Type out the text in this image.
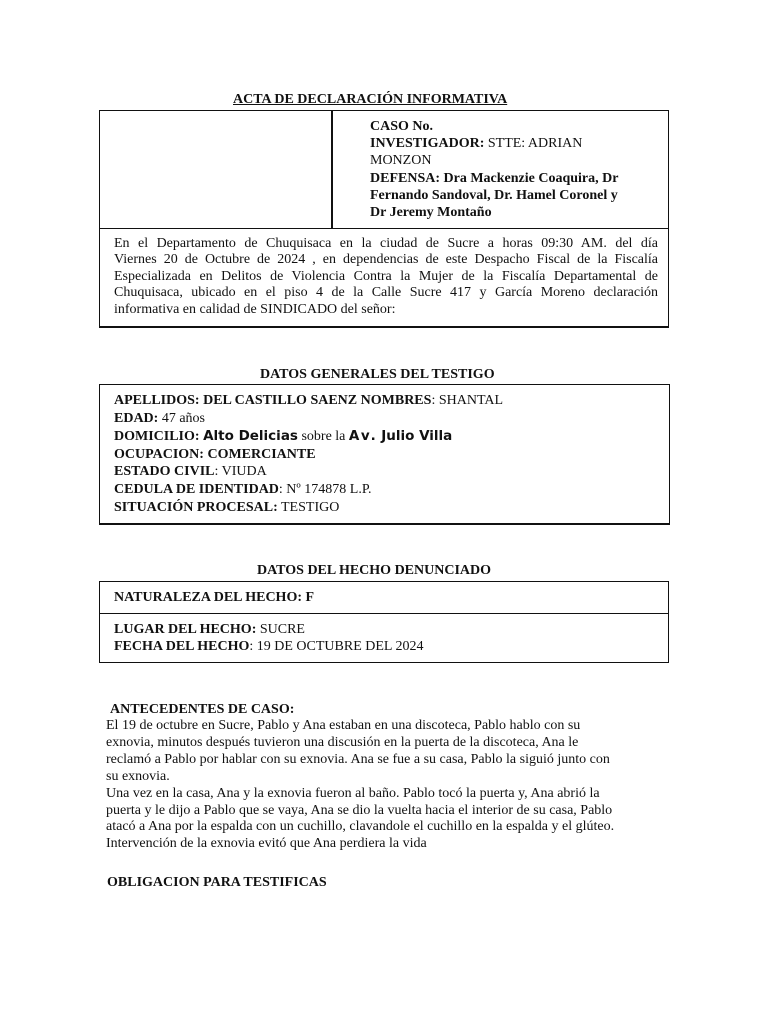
ACTA DE DECLARACIÓN INFORMATIVA
CASO No.
INVESTIGADOR: STTE: ADRIAN
MONZON
DEFENSA: Dra Mackenzie Coaquira, Dr
Fernando Sandoval, Dr. Hamel Coronel y
Dr Jeremy Montaño
En el Departamento de Chuquisaca en la ciudad de Sucre a horas 09:30 AM. del día
Viernes 20 de Octubre de 2024 , en dependencias de este Despacho Fiscal de la Fiscalía
Especializada en Delitos de Violencia Contra la Mujer de la Fiscalía Departamental de
Chuquisaca, ubicado en el piso 4 de la Calle Sucre 417 y García Moreno declaración
informativa en calidad de SINDICADO del señor:
DATOS GENERALES DEL TESTIGO
APELLIDOS: DEL CASTILLO SAENZ NOMBRES: SHANTAL
EDAD: 47 años
DOMICILIO: Alto Delicias sobre la Av. Julio Villa
OCUPACION: COMERCIANTE
ESTADO CIVIL: VIUDA
CEDULA DE IDENTIDAD: Nº 174878 L.P.
SITUACIÓN PROCESAL: TESTIGO
DATOS DEL HECHO DENUNCIADO
NATURALEZA DEL HECHO: F
LUGAR DEL HECHO: SUCRE
FECHA DEL HECHO: 19 DE OCTUBRE DEL 2024
ANTECEDENTES DE CASO:
El 19 de octubre en Sucre, Pablo y Ana estaban en una discoteca, Pablo hablo con su
exnovia, minutos después tuvieron una discusión en la puerta de la discoteca, Ana le
reclamó a Pablo por hablar con su exnovia. Ana se fue a su casa, Pablo la siguió junto con
su exnovia.
Una vez en la casa, Ana y la exnovia fueron al baño. Pablo tocó la puerta y, Ana abrió la
puerta y le dijo a Pablo que se vaya, Ana se dio la vuelta hacia el interior de su casa, Pablo
atacó a Ana por la espalda con un cuchillo, clavandole el cuchillo en la espalda y el glúteo.
Intervención de la exnovia evitó que Ana perdiera la vida
OBLIGACION PARA TESTIFICAS
